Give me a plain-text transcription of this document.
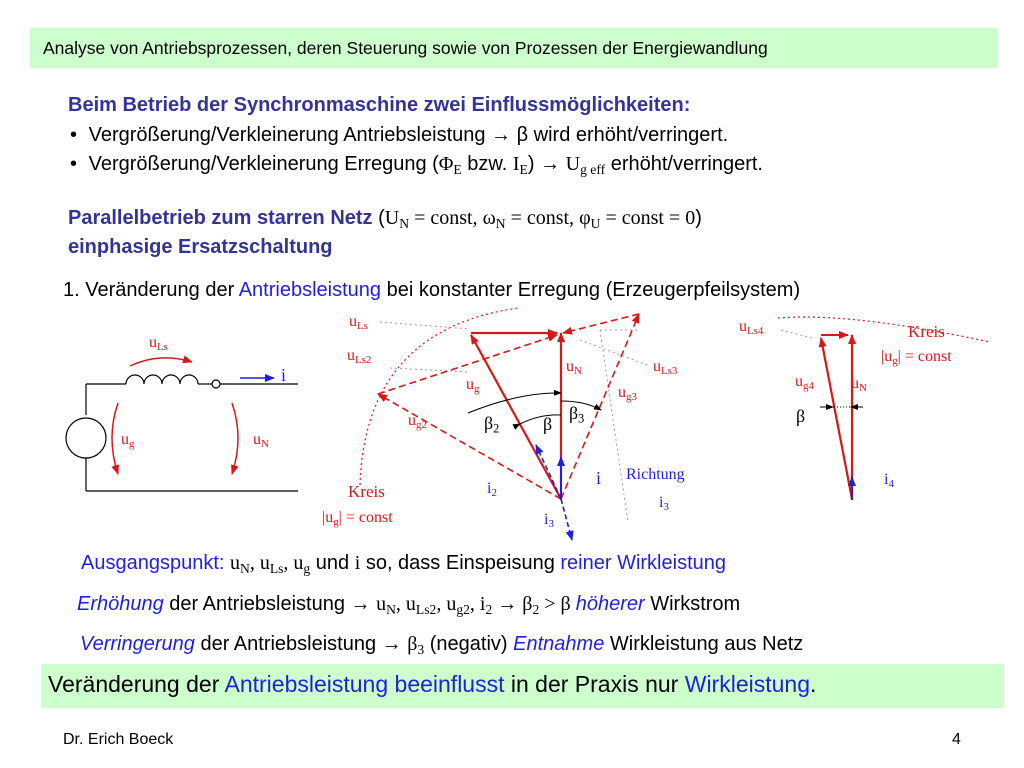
Analyse von Antriebsprozessen, deren Steuerung sowie von Prozessen der Energiewandlung
Beim Betrieb der Synchronmaschine zwei Einflussmöglichkeiten:
• Vergrößerung/Verkleinerung Antriebsleistung → β wird erhöht/verringert.
• Vergrößerung/Verkleinerung Erregung ($\Phi_E$ bzw. $I_E) \to U_{g eff}$ erhöht/verringert.
Parallelbetrieb zum starren Netz ($U_N$ = const, $\omega_N$ = const, $\varphi_U$ = const = 0)
einphasige Ersatzschaltung
1. Veränderung der Antriebsleistung bei konstanter Erregung (Erzeugerpfeilsystem)
$u_{Ls}$
i
$u_g$	$u_N$
$u_{Ls}$
$u_{Ls2}$	$u_{Ls3}$
$u_N$
$u_g$	$u_{g3}$
$u_{g2}$	$\beta_2$ β
$\beta_3$
i
$i_2$
$i_3$
Kreis
$|u_g|$ = const
Richtung
$i_3$
$u_{Ls4}$	Kreis
$|u_g|$ = const
$u_{g4}$ $u_N$
β
$i_4$
Ausgangspunkt: $u_N$, $u_{Ls}$, $u_g$ und i so, dass Einspeisung reiner Wirkleistung
Erhöhung der Antriebsleistung → $u_N$, $u_{Ls2}$, $u_{g2}$, $i_2 \to \beta_2 > \beta$ höherer Wirkstrom
Verringerung der Antriebsleistung → $\beta_3$ (negativ) Entnahme Wirkleistung aus Netz
Veränderung der Antriebsleistung beeinflusst in der Praxis nur Wirkleistung.
Dr. Erich Boeck	4
